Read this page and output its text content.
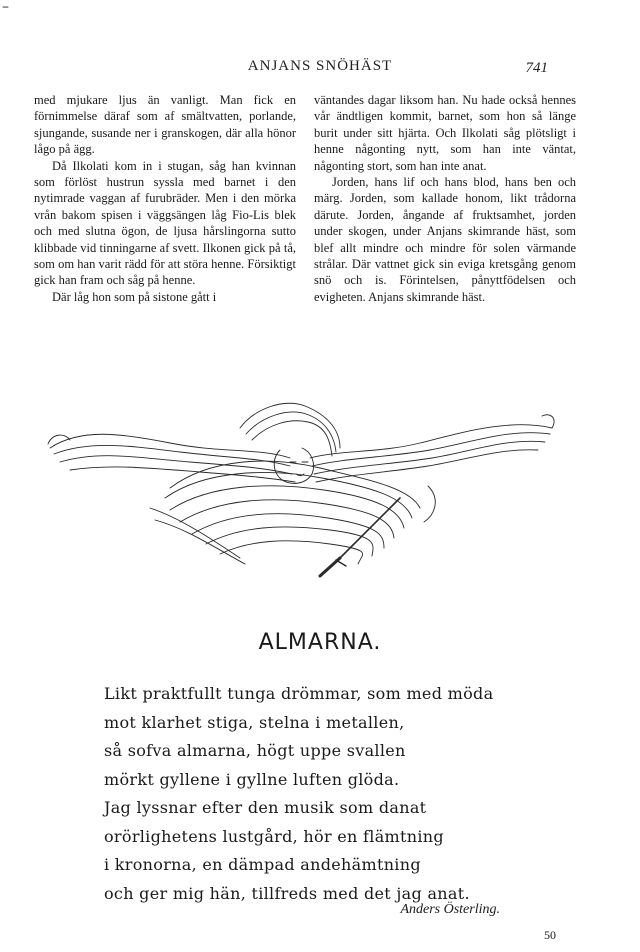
–
ANJANS SNÖHÄST	741

med mjukare ljus än vanligt. Man fick en förnimmelse däraf som af smältvatten, porlande, sjungande, susande ner i granskogen, där alla hönor lågo på ägg.

Då Ilkolati kom in i stugan, såg han kvinnan som förlöst hustrun syssla med barnet i den nytimrade vaggan af furubräder. Men i den mörka vrån bakom spisen i väggsängen låg Fio-Lis blek och med slutna ögon, de ljusa hårslingorna sutto klibbade vid tinningarne af svett. Ilkonen gick på tå, som om han varit rädd för att störa henne. Försiktigt gick han fram och såg på henne.

Där låg hon som på sistone gått i

väntandes dagar liksom han. Nu hade också hennes vår ändtligen kommit, barnet, som hon så länge burit under sitt hjärta. Och Ilkolati såg plötsligt i henne någonting nytt, som han inte väntat, någonting stort, som han inte anat.

Jorden, hans lif och hans blod, hans ben och märg. Jorden, som kallade honom, likt trådorna därute. Jorden, ångande af fruktsamhet, jorden under skogen, under Anjans skimrande häst, som blef allt mindre och mindre för solen värmande strålar. Där vattnet gick sin eviga kretsgång genom snö och is. Förintelsen, pånyttfödelsen och evigheten. Anjans skimrande häst.

ALMARNA.
Likt praktfullt tunga drömmar, som med möda
mot klarhet stiga, stelna i metallen,
så sofva almarna, högt uppe svallen
mörkt gyllene i gyllne luften glöda.
Jag lyssnar efter den musik som danat
orörlighetens lustgård, hör en flämtning
i kronorna, en dämpad andehämtning
och ger mig hän, tillfreds med det jag anat.
Anders Österling.
50
